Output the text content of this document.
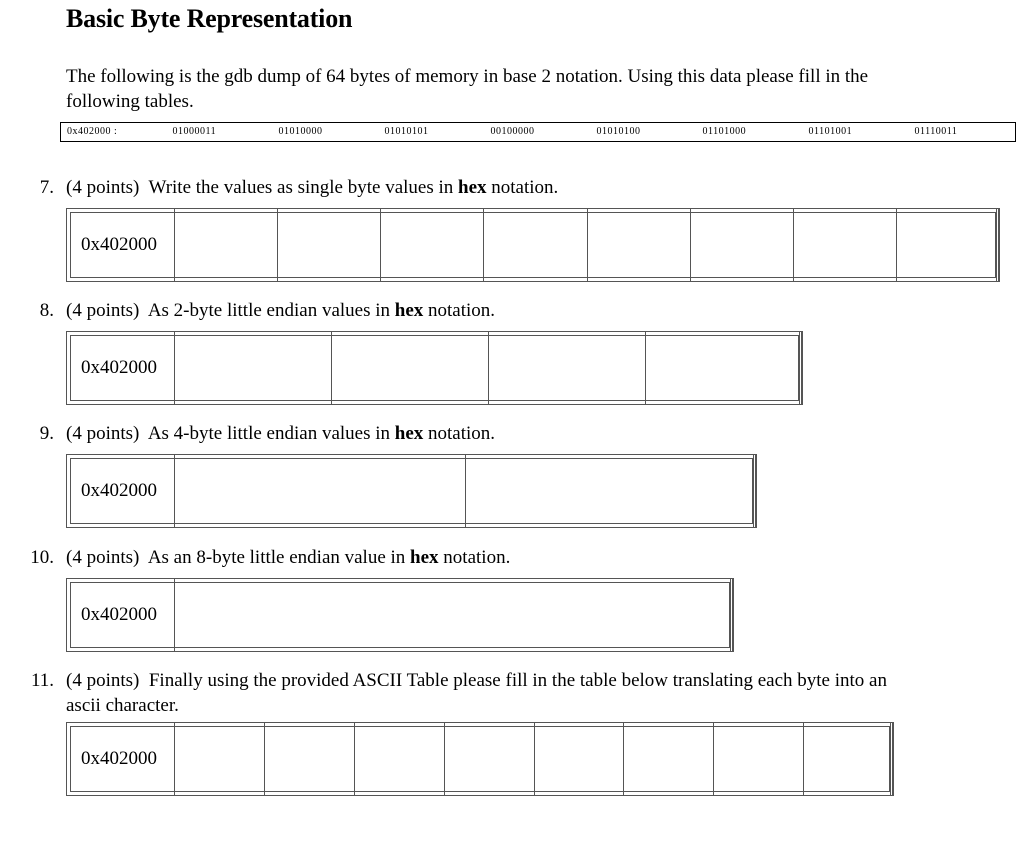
Basic Byte Representation

The following is the gdb dump of 64 bytes of memory in base 2 notation. Using this data please fill in the following tables.

0x402000 :	01000011	01010000	01010101	00100000	01010100	01101000	01101001	01110011
7. (4 points) Write the values as single byte values in hex notation.
0x402000								
8. (4 points) As 2-byte little endian values in hex notation.
0x402000				
9. (4 points) As 4-byte little endian values in hex notation.
0x402000		
10. (4 points) As an 8-byte little endian value in hex notation.
0x402000	
11. (4 points) Finally using the provided ASCII Table please fill in the table below translating each byte into an ascii character.
0x402000								
